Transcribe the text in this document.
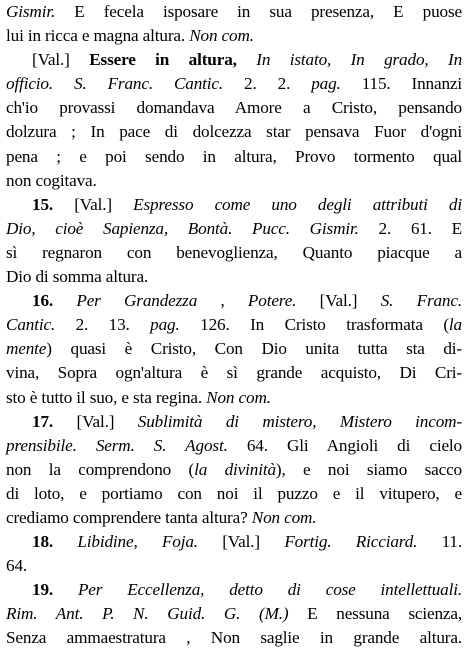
Gismir. E fecela isposare in sua presenza, E puose
lui in ricca e magna altura. Non com.
[Val.] Essere in altura, In istato, In grado, In
officio. S. Franc. Cantic. 2. 2. pag. 115. Innanzi
ch'io provassi domandava Amore a Cristo, pensando
dolzura ; In pace di dolcezza star pensava Fuor d'ogni
pena ; e poi sendo in altura, Provo tormento qual
non cogitava.
15. [Val.] Espresso come uno degli attributi di
Dio, cioè Sapienza, Bontà. Pucc. Gismir. 2. 61. E
sì regnaron con benevoglienza, Quanto piacque a
Dio di somma altura.
16. Per Grandezza , Potere. [Val.] S. Franc.
Cantic. 2. 13. pag. 126. In Cristo trasformata (la
mente) quasi è Cristo, Con Dio unita tutta sta di-
vina, Sopra ogn'altura è sì grande acquisto, Di Cri-
sto è tutto il suo, e sta regina. Non com.
17. [Val.] Sublimità di mistero, Mistero incom-
prensibile. Serm. S. Agost. 64. Gli Angioli di cielo
non la comprendono (la divinità), e noi siamo sacco
di loto, e portiamo con noi il puzzo e il vitupero, e
crediamo comprendere tanta altura? Non com.
18. Libidine, Foja. [Val.] Fortig. Ricciard. 11.
64.
19. Per Eccellenza, detto di cose intellettuali.
Rim. Ant. P. N. Guid. G. (M.) E nessuna scienza,
Senza ammaestratura , Non saglie in grande altura.
